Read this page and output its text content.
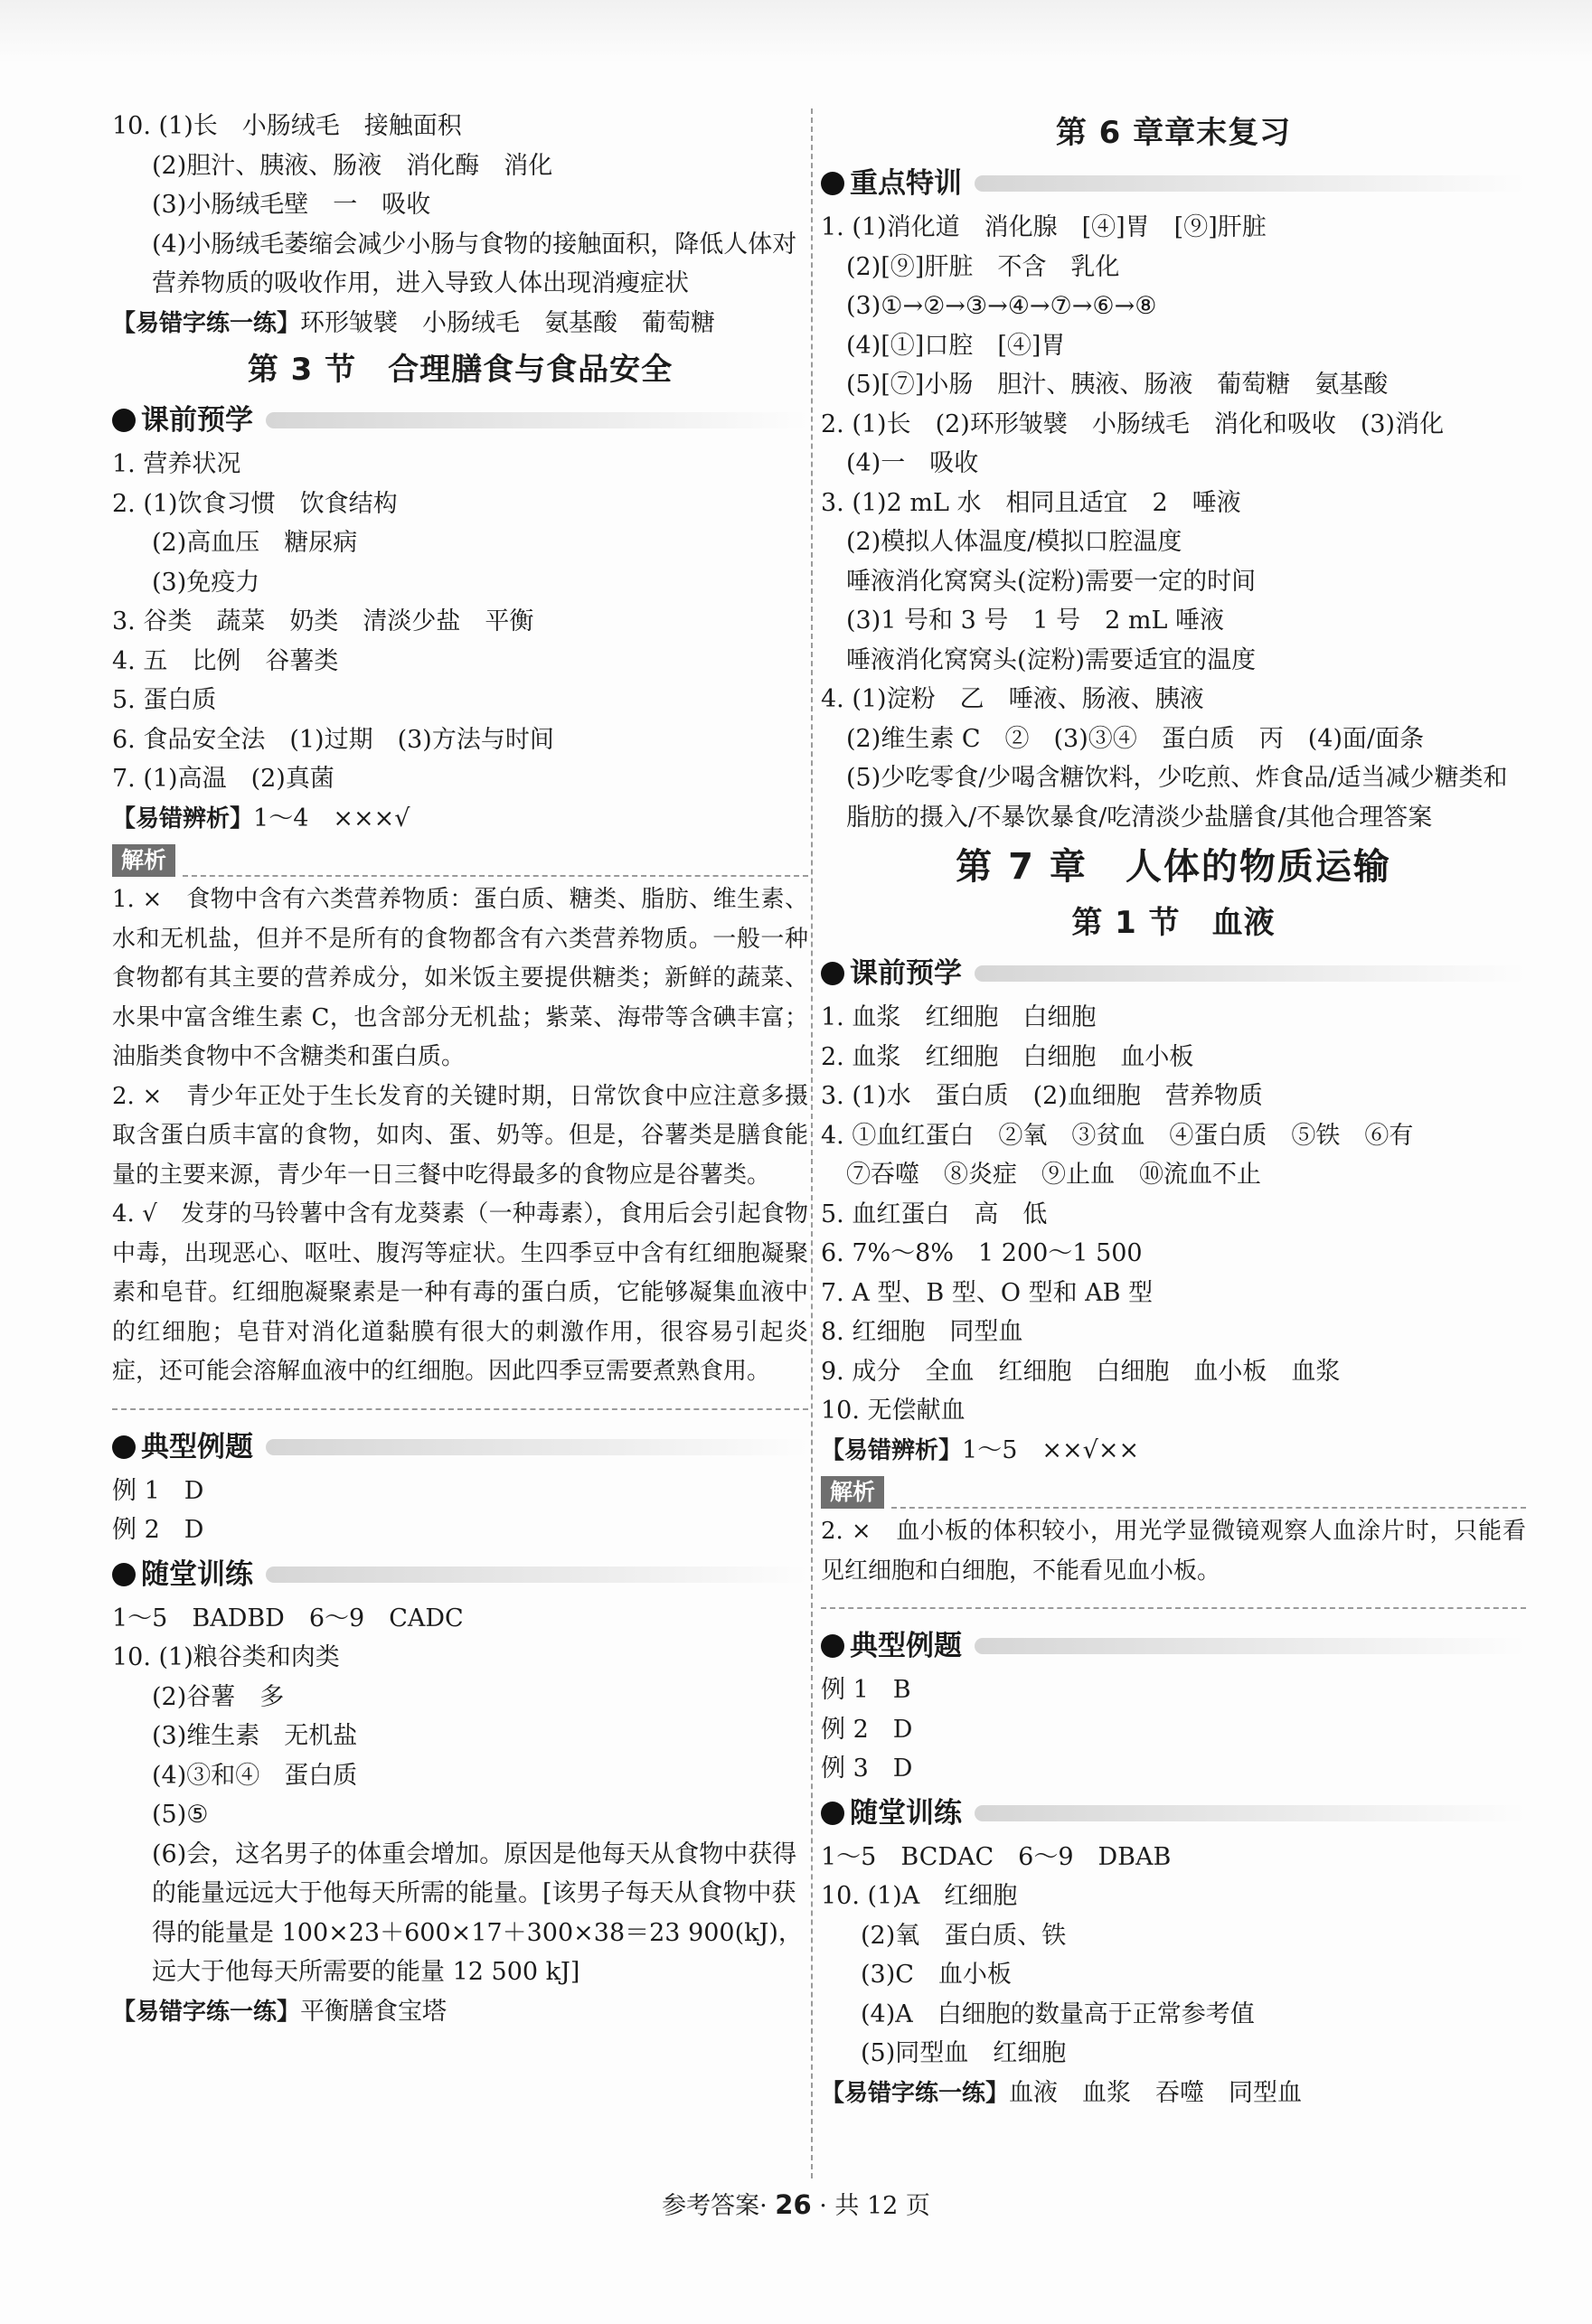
10. (1)长　小肠绒毛　接触面积
(2)胆汁、胰液、肠液　消化酶　消化
(3)小肠绒毛壁　一　吸收
(4)小肠绒毛萎缩会减少小肠与食物的接触面积，降低人体对营养物质的吸收作用，进入导致人体出现消瘦症状
【易错字练一练】环形皱襞　小肠绒毛　氨基酸　葡萄糖
第 3 节　合理膳食与食品安全
课前预学
1. 营养状况
2. (1)饮食习惯　饮食结构
(2)高血压　糖尿病
(3)免疫力
3. 谷类　蔬菜　奶类　清淡少盐　平衡
4. 五　比例　谷薯类
5. 蛋白质
6. 食品安全法　(1)过期　(3)方法与时间
7. (1)高温　(2)真菌
【易错辨析】1～4　×××√
解析
1. ×　食物中含有六类营养物质：蛋白质、糖类、脂肪、维生素、水和无机盐，但并不是所有的食物都含有六类营养物质。一般一种食物都有其主要的营养成分，如米饭主要提供糖类；新鲜的蔬菜、水果中富含维生素 C，也含部分无机盐；紫菜、海带等含碘丰富；油脂类食物中不含糖类和蛋白质。
2. ×　青少年正处于生长发育的关键时期，日常饮食中应注意多摄取含蛋白质丰富的食物，如肉、蛋、奶等。但是，谷薯类是膳食能量的主要来源，青少年一日三餐中吃得最多的食物应是谷薯类。
4. √　发芽的马铃薯中含有龙葵素（一种毒素），食用后会引起食物中毒，出现恶心、呕吐、腹泻等症状。生四季豆中含有红细胞凝聚素和皂苷。红细胞凝聚素是一种有毒的蛋白质，它能够凝集血液中的红细胞；皂苷对消化道黏膜有很大的刺激作用，很容易引起炎症，还可能会溶解血液中的红细胞。因此四季豆需要煮熟食用。
典型例题
例 1　D
例 2　D
随堂训练
1～5　BADBD　6～9　CADC
10. (1)粮谷类和肉类
(2)谷薯　多
(3)维生素　无机盐
(4)③和④　蛋白质
(5)⑤
(6)会，这名男子的体重会增加。原因是他每天从食物中获得的能量远远大于他每天所需的能量。[该男子每天从食物中获得的能量是 100×23＋600×17＋300×38＝23 900(kJ)，远大于他每天所需要的能量 12 500 kJ]
【易错字练一练】平衡膳食宝塔
第 6 章章末复习
重点特训
1. (1)消化道　消化腺　[④]胃　[⑨]肝脏
(2)[⑨]肝脏　不含　乳化
(3)①→②→③→④→⑦→⑥→⑧
(4)[①]口腔　[④]胃
(5)[⑦]小肠　胆汁、胰液、肠液　葡萄糖　氨基酸
2. (1)长　(2)环形皱襞　小肠绒毛　消化和吸收　(3)消化
(4)一　吸收
3. (1)2 mL 水　相同且适宜　2　唾液
(2)模拟人体温度/模拟口腔温度
唾液消化窝窝头(淀粉)需要一定的时间
(3)1 号和 3 号　1 号　2 mL 唾液
唾液消化窝窝头(淀粉)需要适宜的温度
4. (1)淀粉　乙　唾液、肠液、胰液
(2)维生素 C　②　(3)③④　蛋白质　丙　(4)面/面条
(5)少吃零食/少喝含糖饮料，少吃煎、炸食品/适当减少糖类和脂肪的摄入/不暴饮暴食/吃清淡少盐膳食/其他合理答案
第 7 章　人体的物质运输
第 1 节　血液
课前预学
1. 血浆　红细胞　白细胞
2. 血浆　红细胞　白细胞　血小板
3. (1)水　蛋白质　(2)血细胞　营养物质
4. ①血红蛋白　②氧　③贫血　④蛋白质　⑤铁　⑥有
⑦吞噬　⑧炎症　⑨止血　⑩流血不止
5. 血红蛋白　高　低
6. 7%～8%　1 200～1 500
7. A 型、B 型、O 型和 AB 型
8. 红细胞　同型血
9. 成分　全血　红细胞　白细胞　血小板　血浆
10. 无偿献血
【易错辨析】1～5　××√××
解析
2. ×　血小板的体积较小，用光学显微镜观察人血涂片时，只能看见红细胞和白细胞，不能看见血小板。
典型例题
例 1　B
例 2　D
例 3　D
随堂训练
1～5　BCDAC　6～9　DBAB
10. (1)A　红细胞
(2)氧　蛋白质、铁
(3)C　血小板
(4)A　白细胞的数量高于正常参考值
(5)同型血　红细胞
【易错字练一练】血液　血浆　吞噬　同型血
参考答案· 26 · 共 12 页
